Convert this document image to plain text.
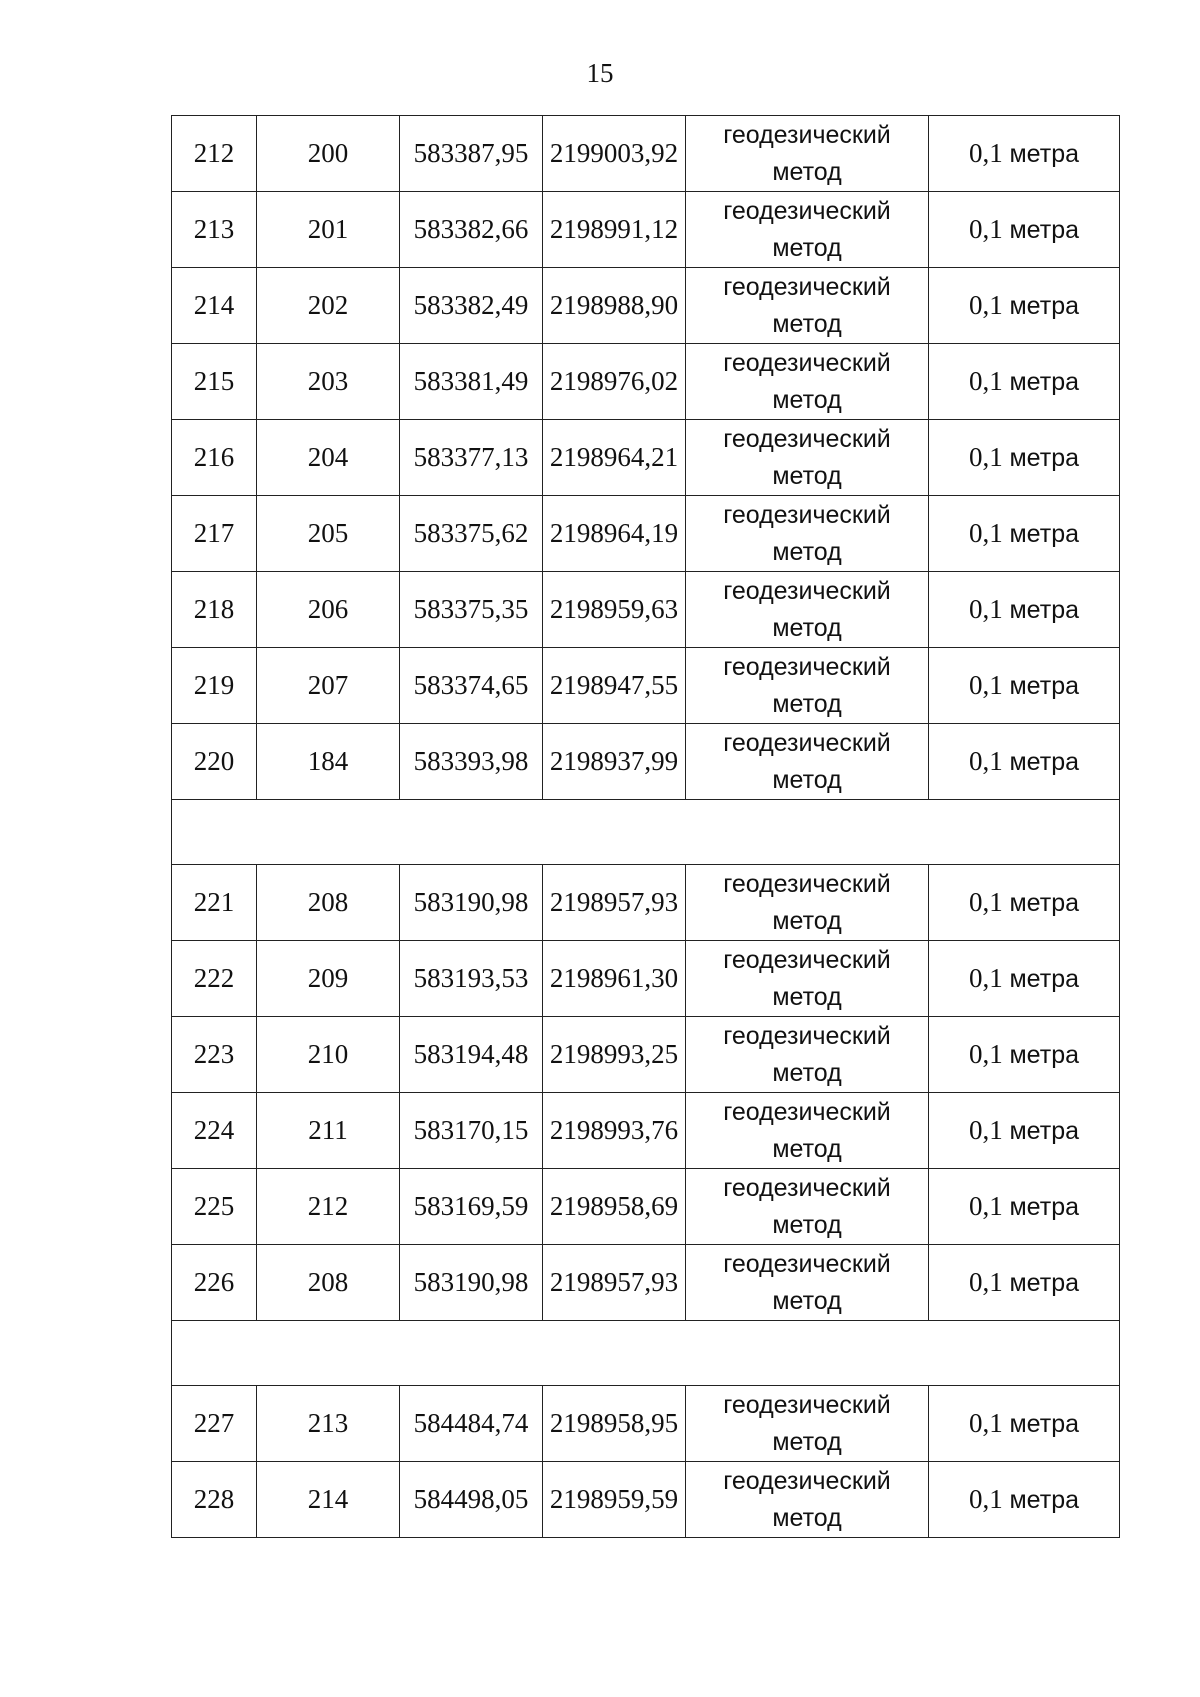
15
212	200	583387,95	2199003,92	геодезический
метод	0,1 метра
213	201	583382,66	2198991,12	геодезический
метод	0,1 метра
214	202	583382,49	2198988,90	геодезический
метод	0,1 метра
215	203	583381,49	2198976,02	геодезический
метод	0,1 метра
216	204	583377,13	2198964,21	геодезический
метод	0,1 метра
217	205	583375,62	2198964,19	геодезический
метод	0,1 метра
218	206	583375,35	2198959,63	геодезический
метод	0,1 метра
219	207	583374,65	2198947,55	геодезический
метод	0,1 метра
220	184	583393,98	2198937,99	геодезический
метод	0,1 метра

221	208	583190,98	2198957,93	геодезический
метод	0,1 метра
222	209	583193,53	2198961,30	геодезический
метод	0,1 метра
223	210	583194,48	2198993,25	геодезический
метод	0,1 метра
224	211	583170,15	2198993,76	геодезический
метод	0,1 метра
225	212	583169,59	2198958,69	геодезический
метод	0,1 метра
226	208	583190,98	2198957,93	геодезический
метод	0,1 метра

227	213	584484,74	2198958,95	геодезический
метод	0,1 метра
228	214	584498,05	2198959,59	геодезический
метод	0,1 метра
